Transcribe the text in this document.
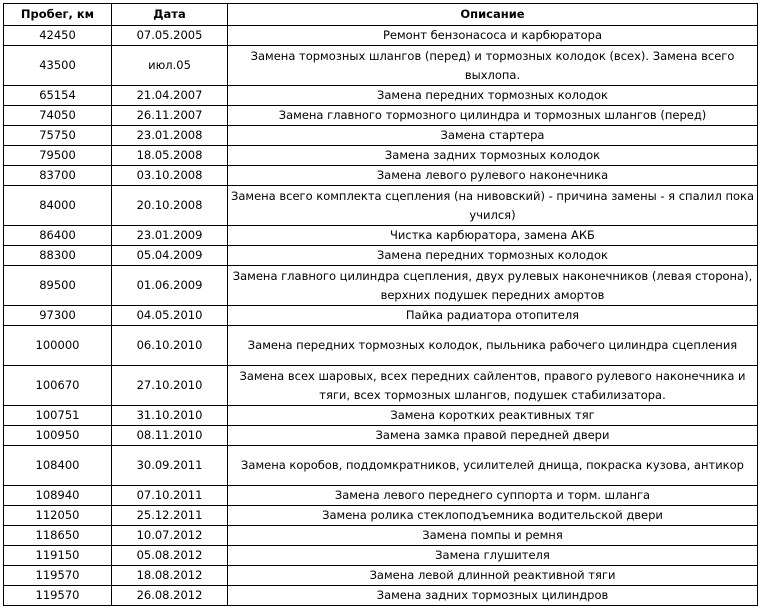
Пробег, км	Дата	Описание
42450	07.05.2005	Ремонт бензонасоса и карбюратора
43500	июл.05	Замена тормозных шлангов (перед) и тормозных колодок (всех). Замена всего выхлопа.
65154	21.04.2007	Замена передних тормозных колодок
74050	26.11.2007	Замена главного тормозного цилиндра и тормозных шлангов (перед)
75750	23.01.2008	Замена стартера
79500	18.05.2008	Замена задних тормозных колодок
83700	03.10.2008	Замена левого рулевого наконечника
84000	20.10.2008	Замена всего комплекта сцепления (на нивовский) - причина замены - я спалил пока учился)
86400	23.01.2009	Чистка карбюратора, замена АКБ
88300	05.04.2009	Замена передних тормозных колодок
89500	01.06.2009	Замена главного цилиндра сцепления, двух рулевых наконечников (левая сторона), верхних подушек передних амортов
97300	04.05.2010	Пайка радиатора отопителя
100000	06.10.2010	Замена передних тормозных колодок, пыльника рабочего цилиндра сцепления
100670	27.10.2010	Замена всех шаровых, всех передних сайлентов, правого рулевого наконечника и тяги, всех тормозных шлангов, подушек стабилизатора.
100751	31.10.2010	Замена коротких реактивных тяг
100950	08.11.2010	Замена замка правой передней двери
108400	30.09.2011	Замена коробов, поддомкратников, усилителей днища, покраска кузова, антикор
108940	07.10.2011	Замена левого переднего суппорта и торм. шланга
112050	25.12.2011	Замена ролика стеклоподъемника водительской двери
118650	10.07.2012	Замена помпы и ремня
119150	05.08.2012	Замена глушителя
119570	18.08.2012	Замена левой длинной реактивной тяги
119570	26.08.2012	Замена задних тормозных цилиндров
